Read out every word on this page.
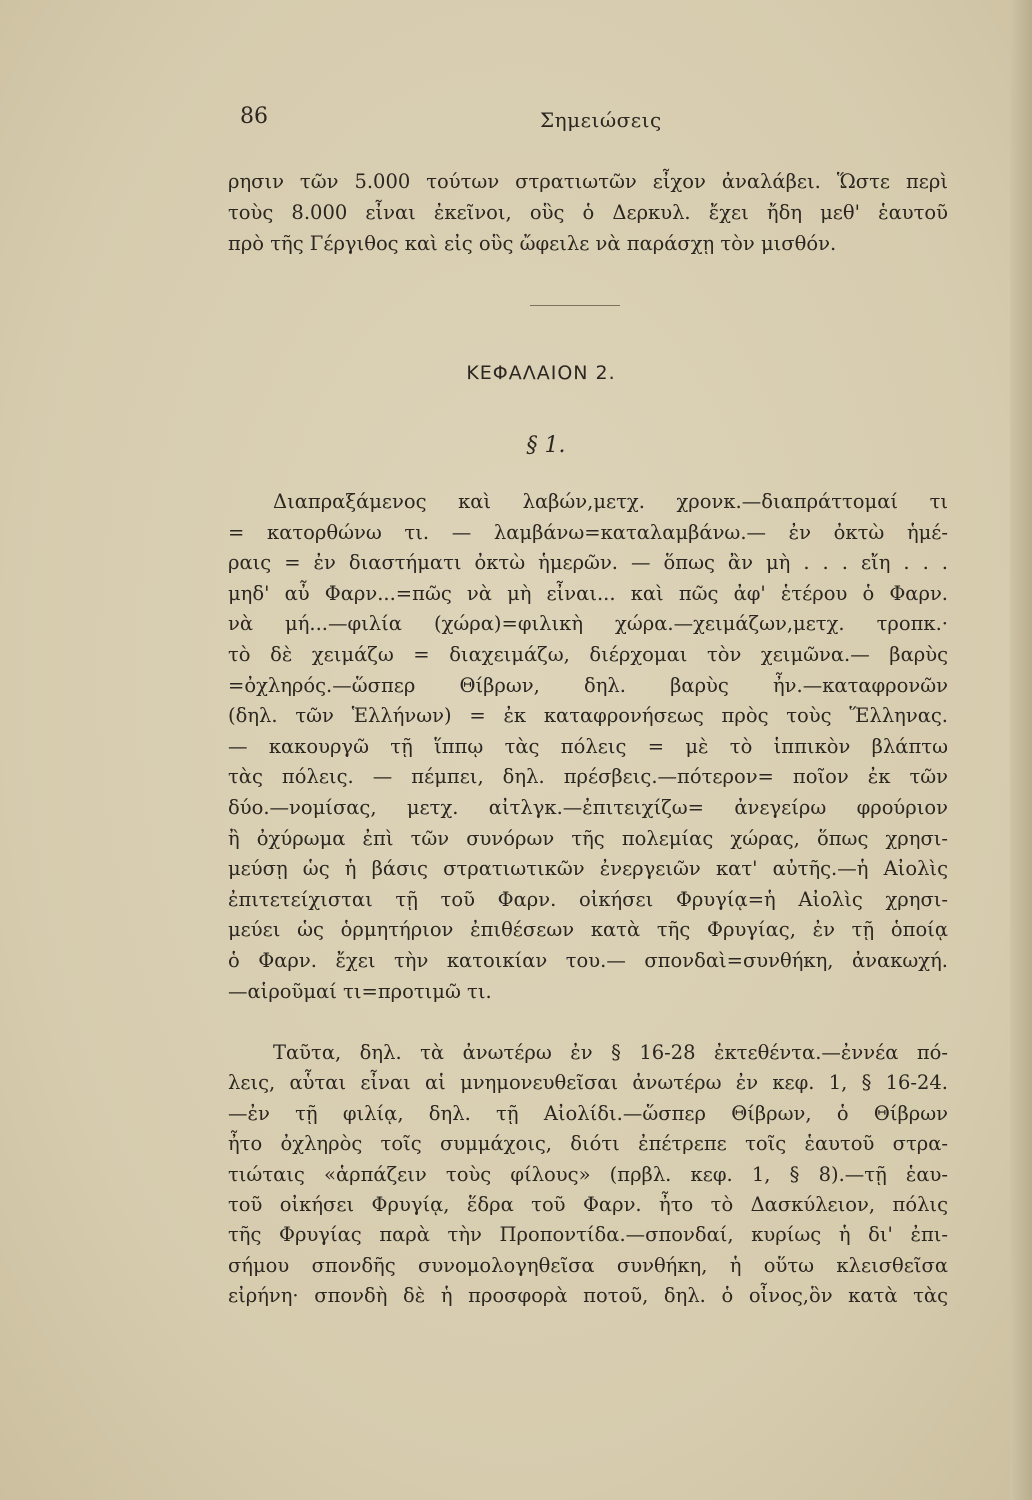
86	Σημειώσεις
ρησιν τῶν 5.000 τούτων στρατιωτῶν εἶχον ἀναλάβει. Ὥστε περὶ
τοὺς 8.000 εἶναι ἐκεῖνοι, οὓς ὁ Δερκυλ. ἔχει ἤδη μεθ' ἑαυτοῦ
πρὸ τῆς Γέργιθος καὶ εἰς οὓς ὤφειλε νὰ παράσχῃ τὸν μισθόν.
ΚΕΦΑΛΑΙΟΝ 2.
§ 1.
Διαπραξάμενος καὶ λαβών,μετχ. χρονκ.—διαπράττομαί τι
= κατορθώνω τι. — λαμβάνω=καταλαμβάνω.— ἐν ὀκτὼ ἡμέ-
ραις = ἐν διαστήματι ὀκτὼ ἡμερῶν. — ὅπως ἂν μὴ . . . εἴη . . .
μηδ' αὖ Φαρν...=πῶς νὰ μὴ εἶναι... καὶ πῶς ἀφ' ἑτέρου ὁ Φαρν.
νὰ μή...—φιλία (χώρα)=φιλικὴ χώρα.—χειμάζων,μετχ. τροπκ.·
τὸ δὲ χειμάζω = διαχειμάζω, διέρχομαι τὸν χειμῶνα.— βαρὺς
=ὀχληρός.—ὥσπερ Θίβρων, δηλ. βαρὺς ἦν.—καταφρονῶν
(δηλ. τῶν Ἑλλήνων) = ἐκ καταφρονήσεως πρὸς τοὺς Ἕλληνας.
— κακουργῶ τῇ ἵππῳ τὰς πόλεις = μὲ τὸ ἱππικὸν βλάπτω
τὰς πόλεις. — πέμπει, δηλ. πρέσβεις.—πότερον= ποῖον ἐκ τῶν
δύο.—νομίσας, μετχ. αἰτλγκ.—ἐπιτειχίζω= ἀνεγείρω φρούριον
ἢ ὀχύρωμα ἐπὶ τῶν συνόρων τῆς πολεμίας χώρας, ὅπως χρησι-
μεύσῃ ὡς ἡ βάσις στρατιωτικῶν ἐνεργειῶν κατ' αὐτῆς.—ἡ Αἰολὶς
ἐπιτετείχισται τῇ τοῦ Φαρν. οἰκήσει Φρυγίᾳ=ἡ Αἰολὶς χρησι-
μεύει ὡς ὁρμητήριον ἐπιθέσεων κατὰ τῆς Φρυγίας, ἐν τῇ ὁποίᾳ
ὁ Φαρν. ἔχει τὴν κατοικίαν του.— σπονδαὶ=συνθήκη, ἀνακωχή.
—αἱροῦμαί τι=προτιμῶ τι.
Ταῦτα, δηλ. τὰ ἀνωτέρω ἐν § 16-28 ἐκτεθέντα.—ἐννέα πό-
λεις, αὗται εἶναι αἱ μνημονευθεῖσαι ἀνωτέρω ἐν κεφ. 1, § 16-24.
—ἐν τῇ φιλίᾳ, δηλ. τῇ Αἰολίδι.—ὥσπερ Θίβρων, ὁ Θίβρων
ἦτο ὀχληρὸς τοῖς συμμάχοις, διότι ἐπέτρεπε τοῖς ἑαυτοῦ στρα-
τιώταις «ἁρπάζειν τοὺς φίλους» (πρβλ. κεφ. 1, § 8).—τῇ ἑαυ-
τοῦ οἰκήσει Φρυγίᾳ, ἕδρα τοῦ Φαρν. ἦτο τὸ Δασκύλειον, πόλις
τῆς Φρυγίας παρὰ τὴν Προποντίδα.—σπονδαί, κυρίως ἡ δι' ἐπι-
σήμου σπονδῆς συνομολογηθεῖσα συνθήκη, ἡ οὕτω κλεισθεῖσα
εἰρήνη· σπονδὴ δὲ ἡ προσφορὰ ποτοῦ, δηλ. ὁ οἶνος,ὃν κατὰ τὰς
